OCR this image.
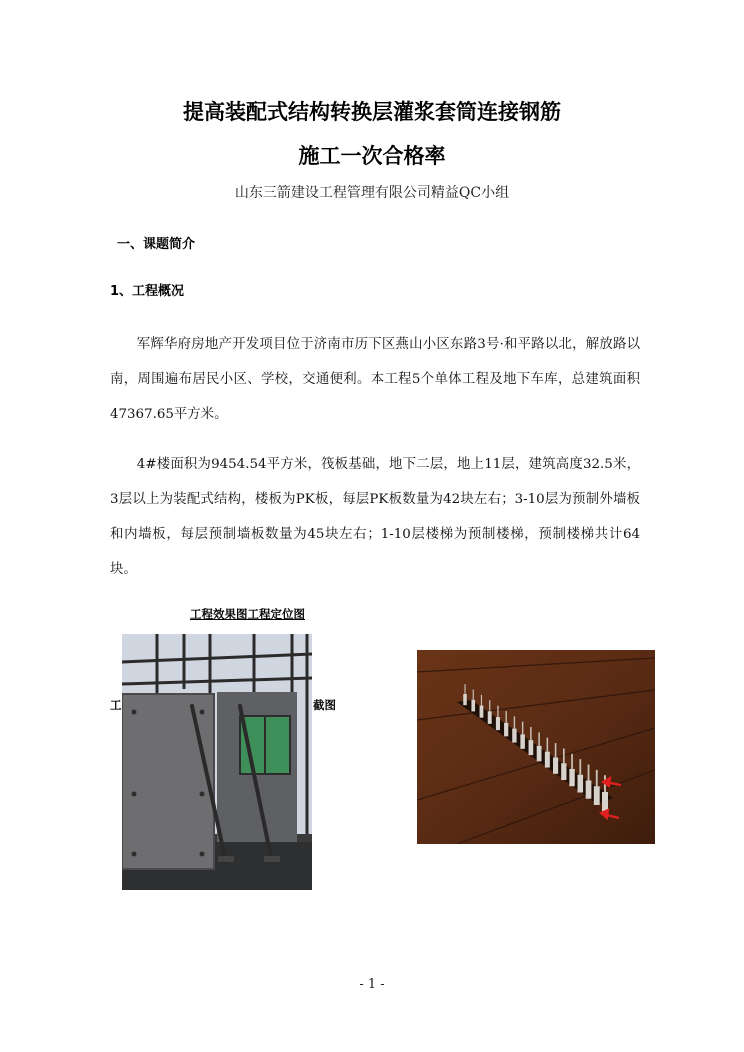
提高装配式结构转换层灌浆套筒连接钢筋
施工一次合格率
山东三箭建设工程管理有限公司精益QC小组
一、课题简介
1、工程概况

军辉华府房地产开发项目位于济南市历下区燕山小区东路3号·和平路以北，解放路以南，周围遍布居民小区、学校，交通便利。本工程5个单体工程及地下车库，总建筑面积47367.65平方米。

4#楼面积为9454.54平方米，筏板基础，地下二层，地上11层，建筑高度32.5米，3层以上为装配式结构，楼板为PK板，每层PK板数量为42块左右；3-10层为预制外墙板和内墙板，每层预制墙板数量为45块左右；1-10层楼梯为预制楼梯，预制楼梯共计64块。

工程效果图工程定位图
工	截图
- 1 -
